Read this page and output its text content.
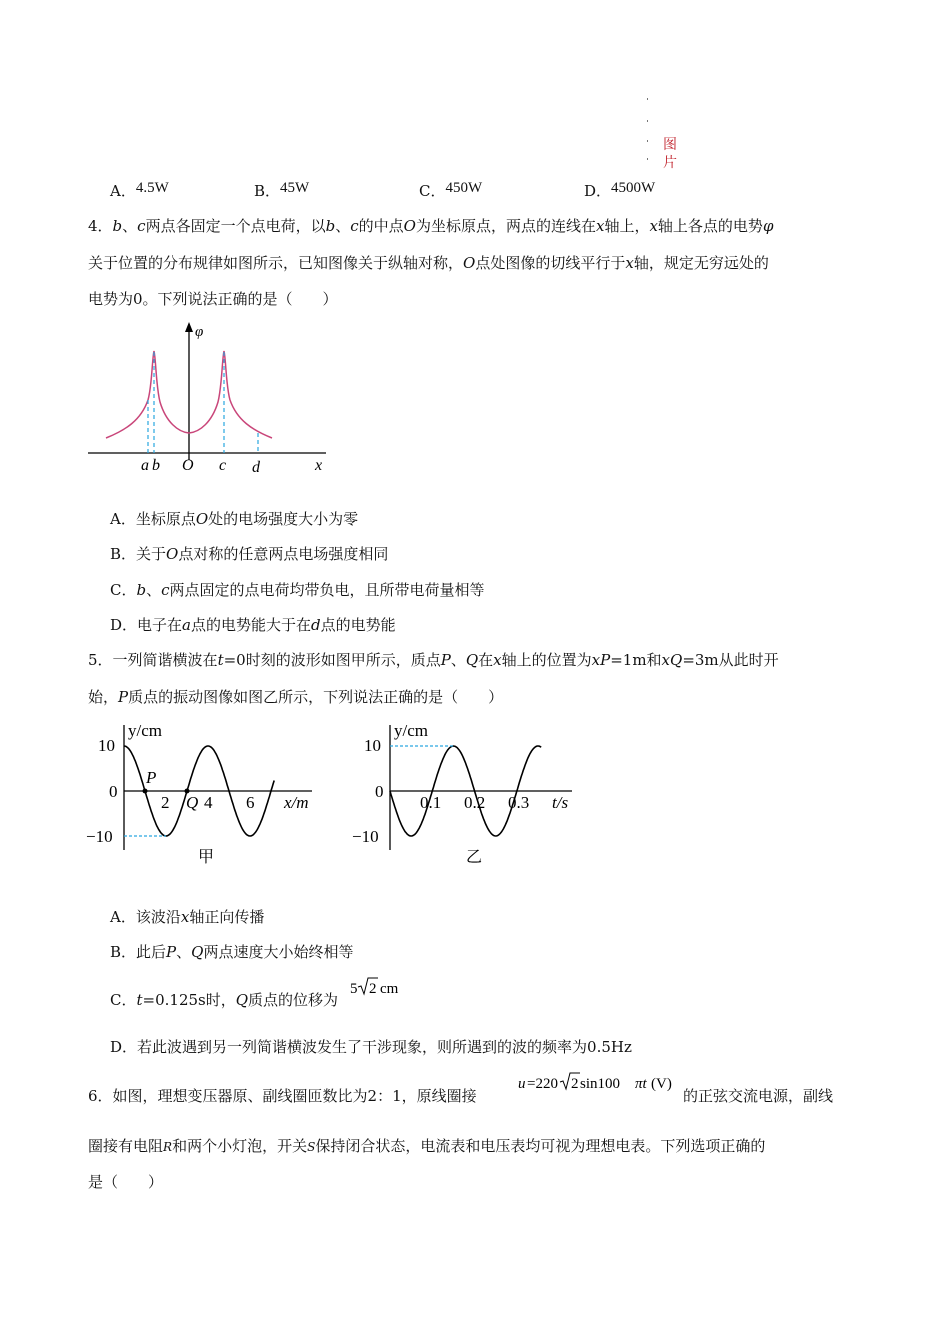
图
片
A．4.5W	B．45W	C．450W	D．4500W
4．b、c两点各固定一个点电荷，以b、c的中点O为坐标原点，两点的连线在x轴上，x轴上各点的电势φ
关于位置的分布规律如图所示，已知图像关于纵轴对称，O点处图像的切线平行于x轴，规定无穷远处的
电势为0。下列说法正确的是（　　）
φ
a b O c d	x
A．坐标原点O处的电场强度大小为零
B．关于O点对称的任意两点电场强度相同
C．b、c两点固定的点电荷均带负电，且所带电荷量相等
D．电子在a点的电势能大于在d点的电势能
5．一列简谐横波在t=0时刻的波形如图甲所示，质点P、Q在x轴上的位置为xP=1m和xQ=3m从此时开
始，P质点的振动图像如图乙所示，下列说法正确的是（　　）
y/cm
x/m
10
0
−10
2 4 6
P
Q
甲
y/cm
t/s
10
0
−10
0.1 0.2 0.3
乙
A．该波沿x轴正向传播
B．此后P、Q两点速度大小始终相等
C．t=0.125s时，Q质点的位移为
5 2 cm
D．若此波遇到另一列简谐横波发生了干涉现象，则所遇到的波的频率为0.5Hz
6．如图，理想变压器原、副线圈匝数比为2：1，原线圈接
u =220 2 sin100 πt (V)
的正弦交流电源，副线
圈接有电阻R和两个小灯泡，开关S保持闭合状态，电流表和电压表均可视为理想电表。下列选项正确的
是（　　）
